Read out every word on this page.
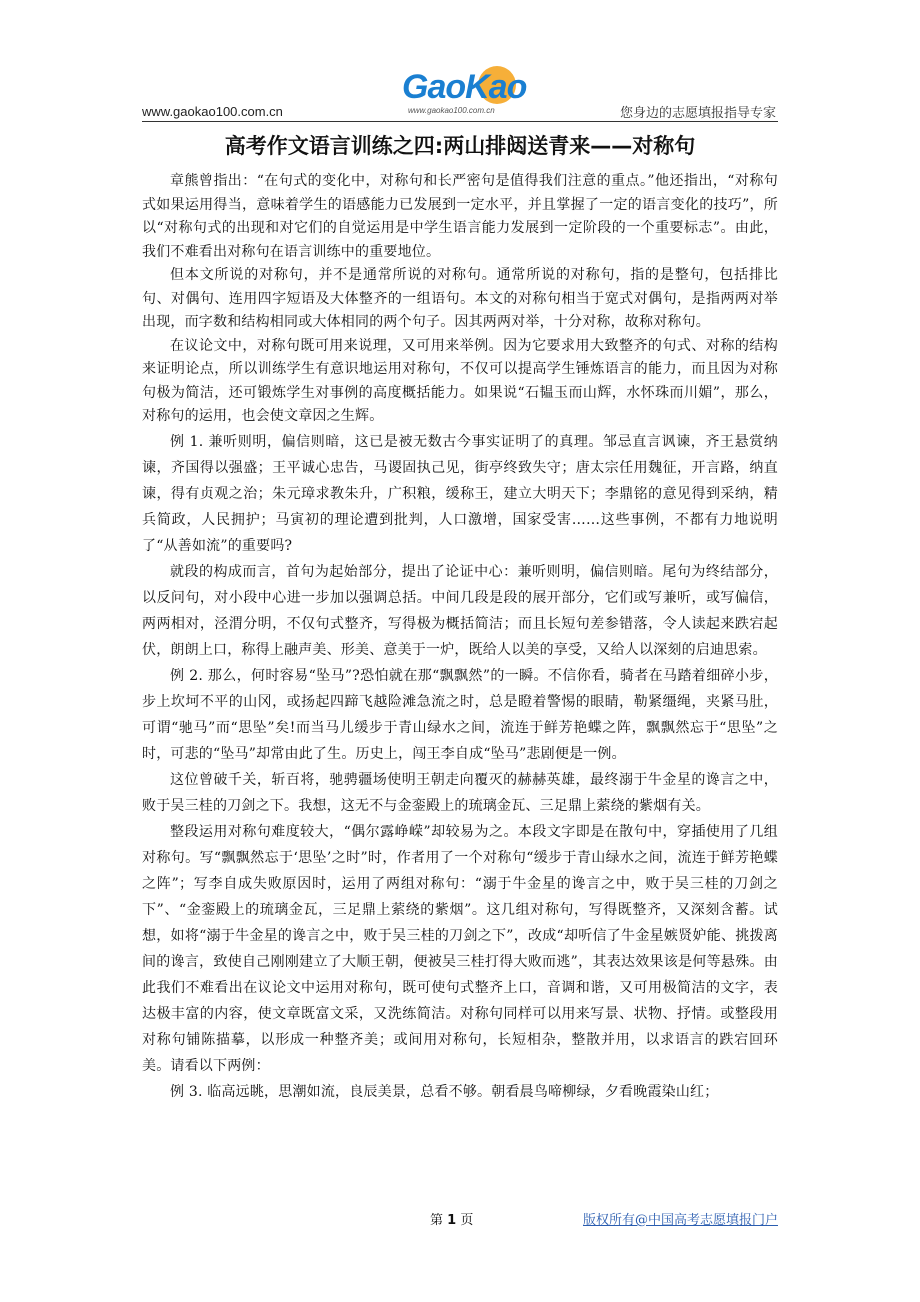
www.gaokao100.com.cn
GaoKao
www.gaokao100.com.cn	您身边的志愿填报指导专家
高考作文语言训练之四:两山排闼送青来——对称句

章熊曾指出：“在句式的变化中，对称句和长严密句是值得我们注意的重点。”他还指出，“对称句式如果运用得当，意味着学生的语感能力已发展到一定水平，并且掌握了一定的语言变化的技巧”，所以“对称句式的出现和对它们的自觉运用是中学生语言能力发展到一定阶段的一个重要标志”。由此，我们不难看出对称句在语言训练中的重要地位。

但本文所说的对称句，并不是通常所说的对称句。通常所说的对称句，指的是整句，包括排比句、对偶句、连用四字短语及大体整齐的一组语句。本文的对称句相当于宽式对偶句，是指两两对举出现，而字数和结构相同或大体相同的两个句子。因其两两对举，十分对称，故称对称句。

在议论文中，对称句既可用来说理，又可用来举例。因为它要求用大致整齐的句式、对称的结构来证明论点，所以训练学生有意识地运用对称句，不仅可以提高学生锤炼语言的能力，而且因为对称句极为简洁，还可锻炼学生对事例的高度概括能力。如果说“石韫玉而山辉，水怀珠而川媚”，那么，对称句的运用，也会使文章因之生辉。

例 1. 兼听则明，偏信则暗，这已是被无数古今事实证明了的真理。邹忌直言讽谏，齐王悬赏纳谏，齐国得以强盛；王平诚心忠告，马谡固执己见，街亭终致失守；唐太宗任用魏征，开言路，纳直谏，得有贞观之治；朱元璋求教朱升，广积粮，缓称王，建立大明天下；李鼎铭的意见得到采纳，精兵简政，人民拥护；马寅初的理论遭到批判，人口激增，国家受害……这些事例，不都有力地说明了“从善如流”的重要吗?

就段的构成而言，首句为起始部分，提出了论证中心：兼听则明，偏信则暗。尾句为终结部分，以反问句，对小段中心进一步加以强调总括。中间几段是段的展开部分，它们或写兼听，或写偏信，两两相对，泾渭分明，不仅句式整齐，写得极为概括简洁；而且长短句差参错落，令人读起来跌宕起伏，朗朗上口，称得上融声美、形美、意美于一炉，既给人以美的享受，又给人以深刻的启迪思索。

例 2. 那么，何时容易“坠马”?恐怕就在那“飘飘然”的一瞬。不信你看，骑者在马踏着细碎小步，步上坎坷不平的山冈，或扬起四蹄飞越险滩急流之时，总是瞪着警惕的眼睛，勒紧缰绳，夹紧马肚，可谓“驰马”而“思坠”矣!而当马儿缓步于青山绿水之间，流连于鲜芳艳蝶之阵，飘飘然忘于“思坠”之时，可悲的“坠马”却常由此了生。历史上，闯王李自成“坠马”悲剧便是一例。

这位曾破千关，斩百将，驰骋疆场使明王朝走向覆灭的赫赫英雄，最终溺于牛金星的谗言之中，败于吴三桂的刀剑之下。我想，这无不与金銮殿上的琉璃金瓦、三足鼎上萦绕的紫烟有关。

整段运用对称句难度较大，“偶尔露峥嵘”却较易为之。本段文字即是在散句中，穿插使用了几组对称句。写“飘飘然忘于‘思坠’之时”时，作者用了一个对称句“缓步于青山绿水之间，流连于鲜芳艳蝶之阵”；写李自成失败原因时，运用了两组对称句：“溺于牛金星的谗言之中，败于吴三桂的刀剑之下”、“金銮殿上的琉璃金瓦，三足鼎上萦绕的紫烟”。这几组对称句，写得既整齐，又深刻含蓄。试想，如将“溺于牛金星的谗言之中，败于吴三桂的刀剑之下”，改成“却听信了牛金星嫉贤妒能、挑拨离间的谗言，致使自己刚刚建立了大顺王朝，便被吴三桂打得大败而逃”，其表达效果该是何等悬殊。由此我们不难看出在议论文中运用对称句，既可使句式整齐上口，音调和谐，又可用极简洁的文字，表达极丰富的内容，使文章既富文采，又洗练简洁。对称句同样可以用来写景、状物、抒情。或整段用对称句铺陈描摹，以形成一种整齐美；或间用对称句，长短相杂，整散并用，以求语言的跌宕回环美。请看以下两例：

例 3. 临高远眺，思潮如流，良辰美景，总看不够。朝看晨鸟啼柳绿，夕看晚霞染山红；

第 1 页	版权所有@中国高考志愿填报门户
